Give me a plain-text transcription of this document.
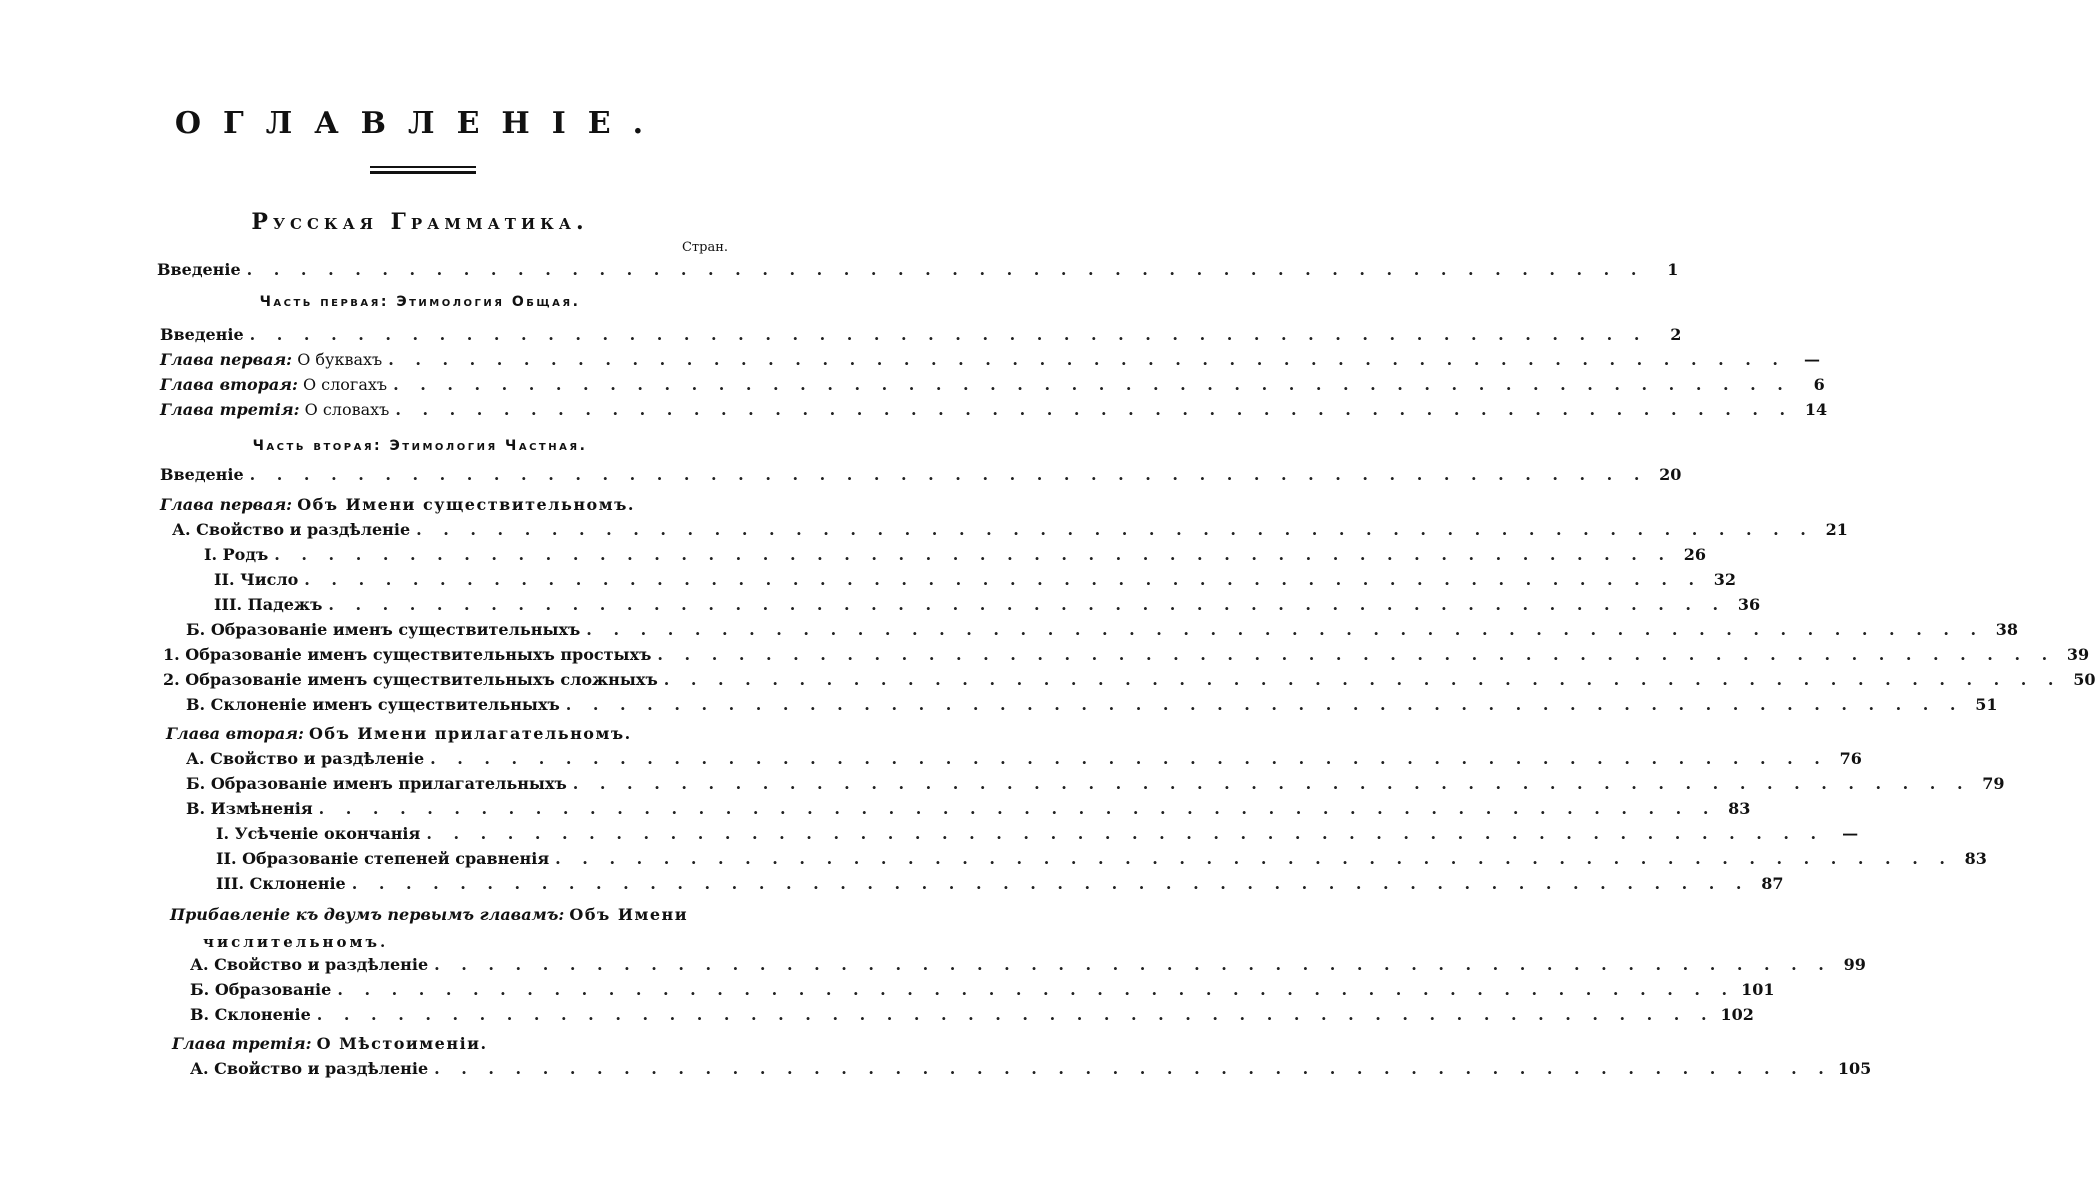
ОГЛАВЛЕНIЕ.
Русская Грамматика.
Стран.
Введенiе . . . . . . . . . . . . . . . . . . . . . . . . . . . . . . . . . . . . . . . . . . . . . . . . . . . .	1
Часть первая: Этимология Общая.
Введенiе . . . . . . . . . . . . . . . . . . . . . . . . . . . . . . . . . . . . . . . . . . . . . . . . . . . .	2
Глава первая: О буквахъ . . . . . . . . . . . . . . . . . . . . . . . . . . . . . . . . . . . . . . . . . . . . . . . . . . . .	—
Глава вторая: О слогахъ . . . . . . . . . . . . . . . . . . . . . . . . . . . . . . . . . . . . . . . . . . . . . . . . . . . .	6
Глава третiя: О словахъ . . . . . . . . . . . . . . . . . . . . . . . . . . . . . . . . . . . . . . . . . . . . . . . . . . . . 14
Часть вторая: Этимология Частная.
Введенiе . . . . . . . . . . . . . . . . . . . . . . . . . . . . . . . . . . . . . . . . . . . . . . . . . . . . 20
Глава первая: Объ Имени существительномъ.
А. Свойство и раздѣленiе . . . . . . . . . . . . . . . . . . . . . . . . . . . . . . . . . . . . . . . . . . . . . . . . . . . . 21
I. Родъ . . . . . . . . . . . . . . . . . . . . . . . . . . . . . . . . . . . . . . . . . . . . . . . . . . . . 26
II. Число . . . . . . . . . . . . . . . . . . . . . . . . . . . . . . . . . . . . . . . . . . . . . . . . . . . . 32
III. Падежъ . . . . . . . . . . . . . . . . . . . . . . . . . . . . . . . . . . . . . . . . . . . . . . . . . . . . 36
Б. Образованiе именъ существительныхъ . . . . . . . . . . . . . . . . . . . . . . . . . . . . . . . . . . . . . . . . . . . . . . . . . . . . 38
1. Образованiе именъ существительныхъ простыхъ . . . . . . . . . . . . . . . . . . . . . . . . . . . . . . . . . . . . . . . . . . . . . . . . . . . . 39
2. Образованiе именъ существительныхъ сложныхъ . . . . . . . . . . . . . . . . . . . . . . . . . . . . . . . . . . . . . . . . . . . . . . . . . . . . 50
В. Склоненiе именъ существительныхъ . . . . . . . . . . . . . . . . . . . . . . . . . . . . . . . . . . . . . . . . . . . . . . . . . . . . 51
Глава вторая: Объ Имени прилагательномъ.
А. Свойство и раздѣленiе . . . . . . . . . . . . . . . . . . . . . . . . . . . . . . . . . . . . . . . . . . . . . . . . . . . . 76
Б. Образованiе именъ прилагательныхъ . . . . . . . . . . . . . . . . . . . . . . . . . . . . . . . . . . . . . . . . . . . . . . . . . . . . 79
В. Измѣненiя . . . . . . . . . . . . . . . . . . . . . . . . . . . . . . . . . . . . . . . . . . . . . . . . . . . . 83
I. Усѣченiе окончанiя . . . . . . . . . . . . . . . . . . . . . . . . . . . . . . . . . . . . . . . . . . . . . . . . . . . .	—
II. Образованiе степеней сравненiя . . . . . . . . . . . . . . . . . . . . . . . . . . . . . . . . . . . . . . . . . . . . . . . . . . . . 83
III. Склоненiе . . . . . . . . . . . . . . . . . . . . . . . . . . . . . . . . . . . . . . . . . . . . . . . . . . . . 87
Прибавленiе къ двумъ первымъ главамъ: Объ Имени
числительномъ.
А. Свойство и раздѣленiе . . . . . . . . . . . . . . . . . . . . . . . . . . . . . . . . . . . . . . . . . . . . . . . . . . . . 99
Б. Образованiе . . . . . . . . . . . . . . . . . . . . . . . . . . . . . . . . . . . . . . . . . . . . . . . . . . . . 101
В. Склоненiе . . . . . . . . . . . . . . . . . . . . . . . . . . . . . . . . . . . . . . . . . . . . . . . . . . . . 102
Глава третiя: О Мѣстоименiи.
А. Свойство и раздѣленiе . . . . . . . . . . . . . . . . . . . . . . . . . . . . . . . . . . . . . . . . . . . . . . . . . . . . 105
